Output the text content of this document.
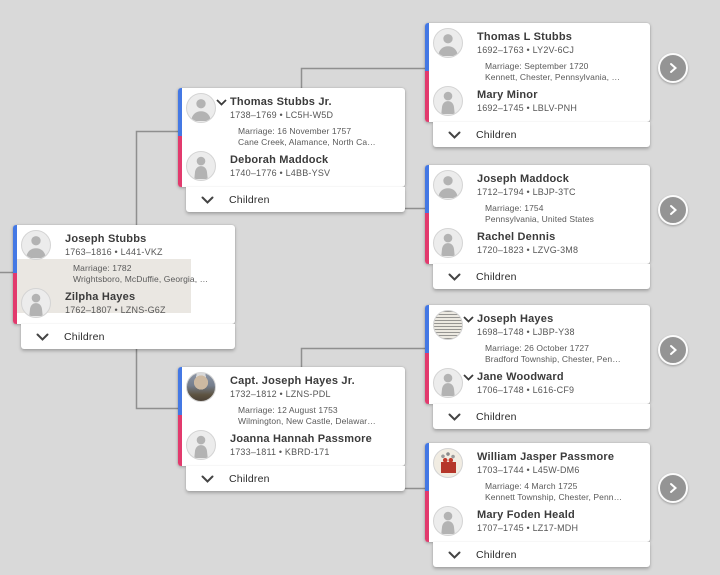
Joseph Stubbs
1763–1816 • L441-VKZ
Marriage: 1782
Wrightsboro, McDuffie, Georgia, …
Zilpha Hayes
1762–1807 • LZNS-G6Z
Children
Thomas Stubbs Jr.
1738–1769 • LC5H-W5D
Marriage: 16 November 1757
Cane Creek, Alamance, North Ca…
Deborah Maddock
1740–1776 • L4BB-YSV
Children
Capt. Joseph Hayes Jr.
1732–1812 • LZNS-PDL
Marriage: 12 August 1753
Wilmington, New Castle, Delawar…
Joanna Hannah Passmore
1733–1811 • KBRD-171
Children
Thomas L Stubbs
1692–1763 • LY2V-6CJ
Marriage: September 1720
Kennett, Chester, Pennsylvania, …
Mary Minor
1692–1745 • LBLV-PNH
Children
Joseph Maddock
1712–1794 • LBJP-3TC
Marriage: 1754
Pennsylvania, United States
Rachel Dennis
1720–1823 • LZVG-3M8
Children
Joseph Hayes
1698–1748 • LJBP-Y38
Marriage: 26 October 1727
Bradford Township, Chester, Pen…
Jane Woodward
1706–1748 • L616-CF9
Children
William Jasper Passmore
1703–1744 • L45W-DM6
Marriage: 4 March 1725
Kennett Township, Chester, Penn…
Mary Foden Heald
1707–1745 • LZ17-MDH
Children
